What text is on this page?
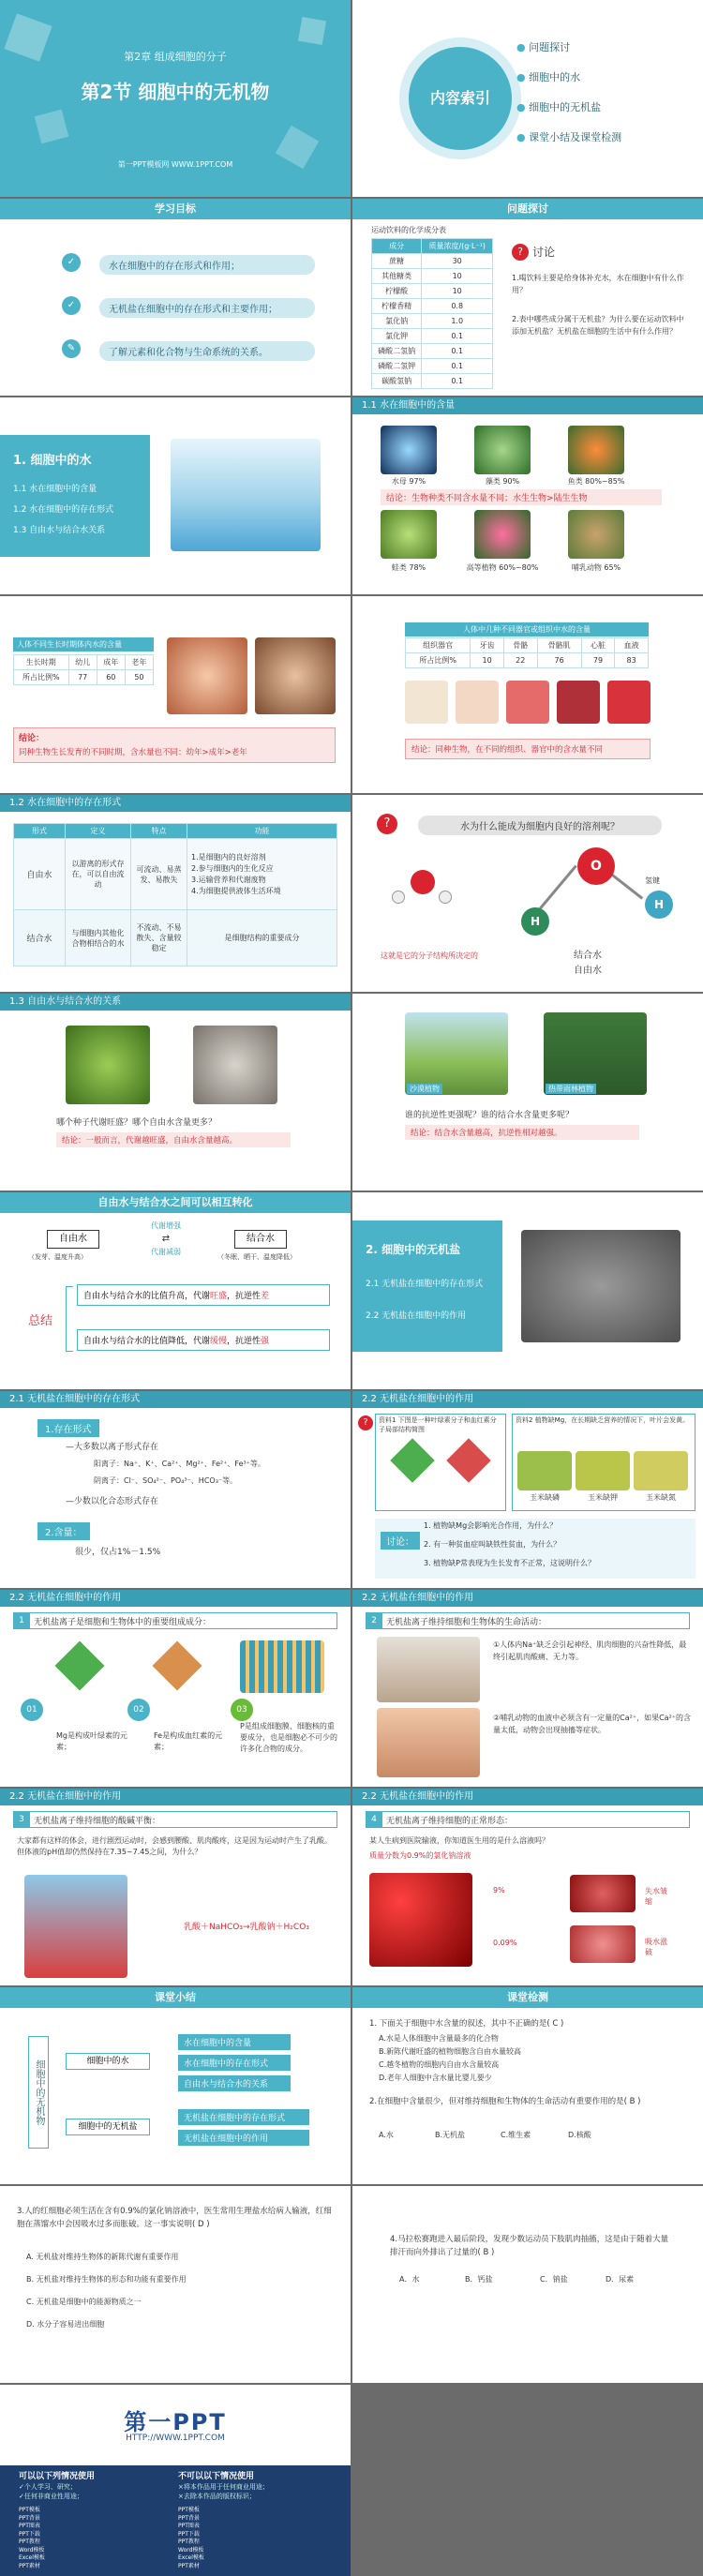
第2章 组成细胞的分子
第2节 细胞中的无机物
第一PPT模板网 WWW.1PPT.COM
内容索引
● 问题探讨
● 细胞中的水
● 细胞中的无机盐
● 课堂小结及课堂检测
学习目标
✓	水在细胞中的存在形式和作用；
✓	无机盐在细胞中的存在形式和主要作用；
✎	了解元素和化合物与生命系统的关系。
问题探讨
运动饮料的化学成分表
成分	质量浓度/(g·L⁻¹)
蔗糖	30
其他糖类	10
柠檬酸	10
柠檬香精	0.8
氯化钠	1.0
氯化钾	0.1
磷酸二氢钠	0.1
磷酸二氢钾	0.1
碳酸氢钠	0.1
? 讨论
1.喝饮料主要是给身体补充水，水在细胞中有什么作用？
2.表中哪些成分属于无机盐？为什么要在运动饮料中添加无机盐？无机盐在细胞的生活中有什么作用？
1. 细胞中的水
1.1 水在细胞中的含量
1.2 水在细胞中的存在形式
1.3 自由水与结合水关系
1.1 水在细胞中的含量
水母 97%	藻类 90%	鱼类 80%~85%
结论：生物种类不同含水量不同；水生生物>陆生生物
蛙类 78%	高等植物 60%~80%	哺乳动物 65%
人体不同生长时期体内水的含量
生长时期	幼儿	成年	老年
所占比例%	77	60	50
结论：
同种生物生长发育的不同时期，含水量也不同：幼年>成年>老年
人体中几种不同器官或组织中水的含量
组织器官	牙齿	骨骼	骨骼肌	心脏	血液
所占比例%	10	22	76	79	83
结论：同种生物，在不同的组织、器官中的含水量不同
1.2 水在细胞中的存在形式
形式	定义	特点	功能
自由水	以游离的形式存在，可以自由流动	可流动、易蒸发、易散失	1.是细胞内的良好溶剂
2.参与细胞内的生化反应
3.运输营养和代谢废物
4.为细胞提供液体生活环境
结合水	与细胞内其他化合物相结合的水	不流动、不易散失、含量较稳定	是细胞结构的重要成分
?	水为什么能成为细胞内良好的溶剂呢？
这就是它的分子结构所决定的
O
H
H
氢键
结合水
自由水
1.3 自由水与结合水的关系
哪个种子代谢旺盛？哪个自由水含量更多？
结论：一般而言，代谢越旺盛，自由水含量越高。
沙漠植物	热带雨林植物
谁的抗逆性更强呢？谁的结合水含量更多呢？
结论：结合水含量越高，抗逆性相对越强。
自由水与结合水之间可以相互转化
自由水	结合水
⇄
代谢增强
代谢减弱
（发芽、温度升高）	（冬眠、晒干、温度降低）
总结
自由水与结合水的比值升高，代谢旺盛，抗逆性差
自由水与结合水的比值降低，代谢缓慢，抗逆性强
2. 细胞中的无机盐
2.1 无机盐在细胞中的存在形式
2.2 无机盐在细胞中的作用
2.1 无机盐在细胞中的存在形式
1.存在形式
—大多数以离子形式存在
阳离子：Na⁺、K⁺、Ca²⁺、Mg²⁺、Fe²⁺、Fe³⁺等。
阴离子：Cl⁻、SO₄²⁻、PO₄³⁻、HCO₃⁻等。
—少数以化合态形式存在
2.含量：
很少，仅占1%－1.5%
2.2 无机盐在细胞中的作用
?	资料1 下图是一种叶绿素分子和血红素分子局部结构简图
资料2 植物缺Mg，在长期缺乏营养的情况下，叶片会发黄。
玉米缺磷	玉米缺钾	玉米缺氮
讨论：
1. 植物缺Mg会影响光合作用，为什么？
2. 有一种贫血症叫缺铁性贫血，为什么？
3. 植物缺P常表现为生长发育不正常，这说明什么？
2.2 无机盐在细胞中的作用
1	无机盐离子是细胞和生物体中的重要组成成分：
01	02	03
Mg是构成叶绿素的元素；
Fe是构成血红素的元素；
P是组成细胞膜、细胞核的重要成分，也是细胞必不可少的许多化合物的成分。
2.2 无机盐在细胞中的作用
2	无机盐离子维持细胞和生物体的生命活动：
①人体内Na⁺缺乏会引起神经、肌肉细胞的兴奋性降低，最终引起肌肉酸痛、无力等。
②哺乳动物的血液中必须含有一定量的Ca²⁺，如果Ca²⁺的含量太低，动物会出现抽搐等症状。
2.2 无机盐在细胞中的作用
3	无机盐离子维持细胞的酸碱平衡：
大家都有这样的体会，进行剧烈运动时，会感到腰酸、肌肉酸疼，这是因为运动时产生了乳酸。但体液的pH值却仍然保持在7.35~7.45之间，为什么？
乳酸＋NaHCO₃→乳酸钠＋H₂CO₃
2.2 无机盐在细胞中的作用
4	无机盐离子维持细胞的正常形态：
某人生病到医院输液，你知道医生用的是什么溶液吗？
质量分数为0.9%的氯化钠溶液
9%
0.09%
失水皱缩
吸水涨破
课堂小结
细胞中的无机物	细胞中的水
细胞中的无机盐
水在细胞中的含量
水在细胞中的存在形式
自由水与结合水的关系
无机盐在细胞中的存在形式
无机盐在细胞中的作用
课堂检测
1. 下面关于细胞中水含量的叙述，其中不正确的是( C )
A.水是人体细胞中含量最多的化合物
B.新陈代谢旺盛的植物细胞含自由水量较高
C.越冬植物的细胞内自由水含量较高
D.老年人细胞中含水量比婴儿要少
2.在细胞中含量很少，但对维持细胞和生物体的生命活动有重要作用的是( B )
A.水	B.无机盐	C.维生素	D.核酸
3.人的红细胞必须生活在含有0.9%的氯化钠溶液中，医生常用生理盐水给病人输液，红细胞在蒸馏水中会因吸水过多而胀破。这一事实说明( D )
A. 无机盐对维持生物体的新陈代谢有重要作用
B. 无机盐对维持生物体的形态和功能有重要作用
C. 无机盐是细胞中的能源物质之一
D. 水分子容易进出细胞
4.马拉松赛跑进入最后阶段，发现少数运动员下肢肌肉抽搐，这是由于随着大量排汗而向外排出了过量的( B )
A．水	B．钙盐	C．钠盐	D．尿素
第一PPT
HTTP://WWW.1PPT.COM
可以以下列情况使用	不可以以下情况使用
✓个人学习、研究；
✓任何非商业性用途；
×将本作品用于任何商业用途；
×去除本作品的版权标识；
PPT模板
PPT背景
PPT图表
PPT下载
PPT教程
Word模板
Excel模板
PPT素材
PPT模板
PPT背景
PPT图表
PPT下载
PPT教程
Word模板
Excel模板
PPT素材
